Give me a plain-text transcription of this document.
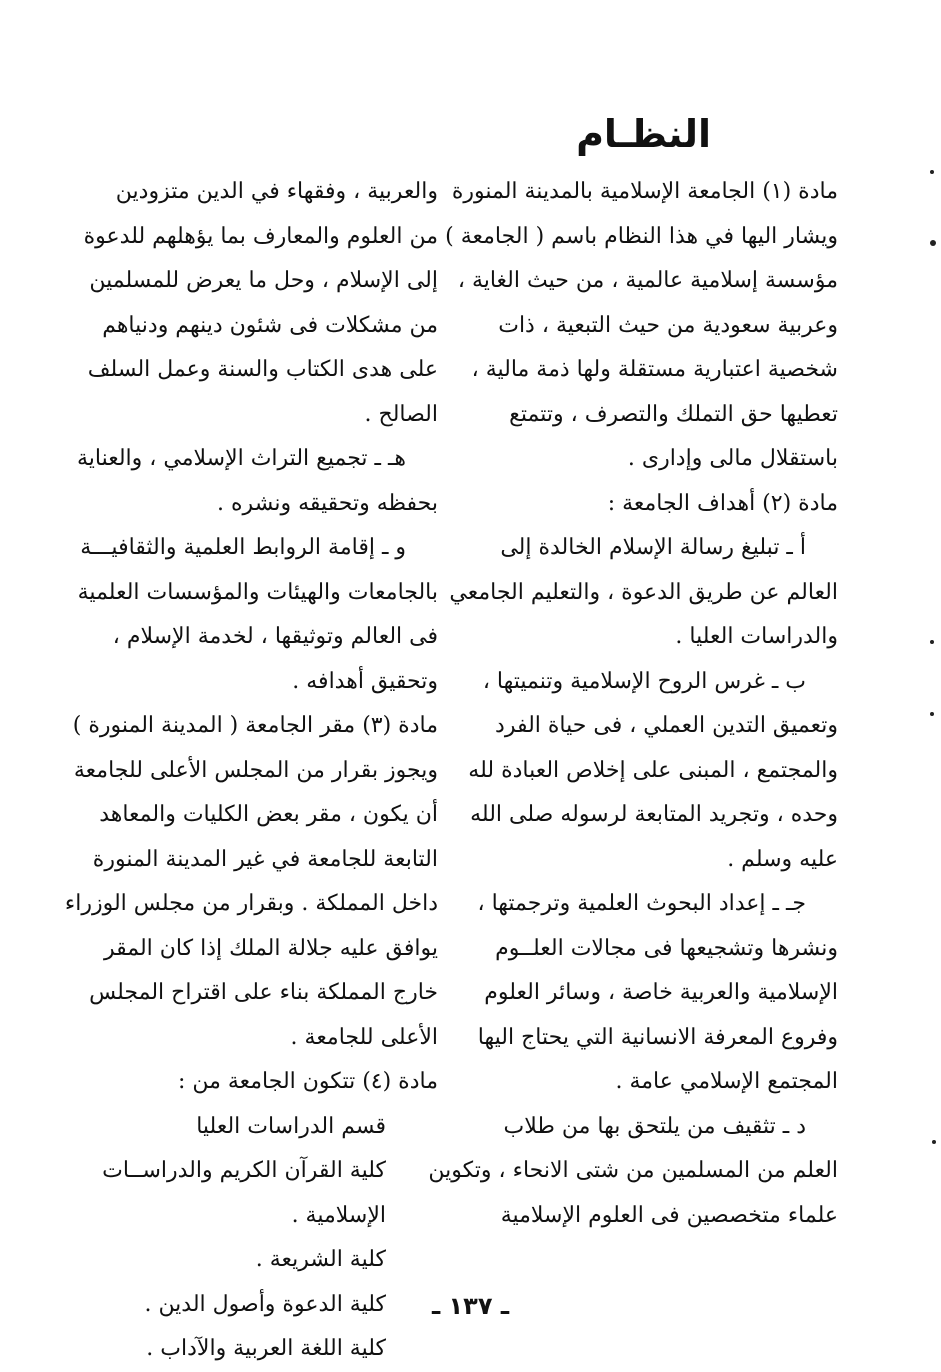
النظـام
مادة (١) الجامعة الإسلامية بالمدينة المنورة
ويشار اليها في هذا النظام باسم ( الجامعة )
مؤسسة إسلامية عالمية ، من حيث الغاية ،
وعربية سعودية من حيث التبعية ، ذات
شخصية اعتبارية مستقلة ولها ذمة مالية ،
تعطيها حق التملك والتصرف ، وتتمتع
باستقلال مالى وإدارى .
مادة (٢) أهداف الجامعة :
أ ـ تبليغ رسالة الإسلام الخالدة إلى
العالم عن طريق الدعوة ، والتعليم الجامعي
والدراسات العليا .
ب ـ غرس الروح الإسلامية وتنميتها ،
وتعميق التدين العملي ، فى حياة الفرد
والمجتمع ، المبنى على إخلاص العبادة لله
وحده ، وتجريد المتابعة لرسوله صلى الله
عليه وسلم .
جـ ـ إعداد البحوث العلمية وترجمتها ،
ونشرها وتشجيعها فى مجالات العلــوم
الإسلامية والعربية خاصة ، وسائر العلوم
وفروع المعرفة الانسانية التي يحتاج اليها
المجتمع الإسلامي عامة .
د ـ تثقيف من يلتحق بها من طلاب
العلم من المسلمين من شتى الانحاء ، وتكوين
علماء متخصصين فى العلوم الإسلامية
والعربية ، وفقهاء في الدين متزودين
من العلوم والمعارف بما يؤهلهم للدعوة
إلى الإسلام ، وحل ما يعرض للمسلمين
من مشكلات فى شئون دينهم ودنياهم
على هدى الكتاب والسنة وعمل السلف
الصالح .
هـ ـ تجميع التراث الإسلامي ، والعناية
بحفظه وتحقيقه ونشره .
و ـ إقامة الروابط العلمية والثقافيـــة
بالجامعات والهيئات والمؤسسات العلمية
فى العالم وتوثيقها ، لخدمة الإسلام ،
وتحقيق أهدافه .
مادة (٣) مقر الجامعة ( المدينة المنورة )
ويجوز بقرار من المجلس الأعلى للجامعة
أن يكون ، مقر بعض الكليات والمعاهد
التابعة للجامعة في غير المدينة المنورة
داخل المملكة . وبقرار من مجلس الوزراء
يوافق عليه جلالة الملك إذا كان المقر
خارج المملكة بناء على اقتراح المجلس
الأعلى للجامعة .
مادة (٤) تتكون الجامعة من :
قسم الدراسات العليا
كلية القرآن الكريم والدراســات
الإسلامية .
كلية الشريعة .
كلية الدعوة وأصول الدين .
كلية اللغة العربية والآداب .
ـ ١٣٧ ـ
